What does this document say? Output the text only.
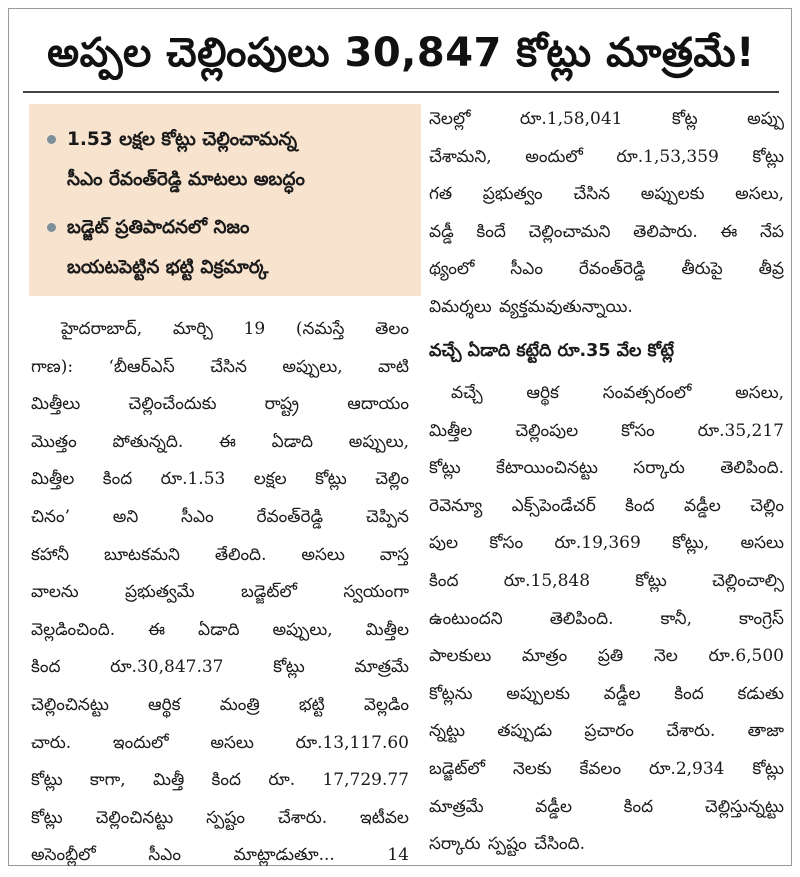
అప్పల చెల్లింపులు 30,847 కోట్లు మాత్రమే!

1.53 లక్షల కోట్లు చెల్లించామన్న

సీఎం రేవంత్‌రెడ్డి మాటలు అబద్ధం

బడ్జెట్ ప్రతిపాదనలో నిజం

బయటపెట్టిన భట్టి విక్రమార్క

హైదరాబాద్, మార్చి 19 (నమస్తే తెలం

గాణ): ‘బీఆర్‌ఎస్ చేసిన అప్పులు, వాటి

మిత్తీలు చెల్లించేందుకు రాష్ట్ర ఆదాయం

మొత్తం పోతున్నది. ఈ ఏడాది అప్పులు,

మిత్తీల కింద రూ.1.53 లక్షల కోట్లు చెల్లిం

చినం’ అని సీఎం రేవంత్‌రెడ్డి చెప్పిన

కహానీ బూటకమని తేలింది. అసలు వాస్త

వాలను ప్రభుత్వమే బడ్జెట్‌లో స్వయంగా

వెల్లడించింది. ఈ ఏడాది అప్పులు, మిత్తీల

కింద రూ.30,847.37 కోట్లు మాత్రమే

చెల్లించినట్టు ఆర్థిక మంత్రి భట్టి వెల్లడిం

చారు. ఇందులో అసలు రూ.13,117.60

కోట్లు కాగా, మిత్తీ కింద రూ. 17,729.77

కోట్లు చెల్లించినట్టు స్పష్టం చేశారు. ఇటీవల

అసెంబ్లీలో సీఎం మాట్లాడుతూ... 14

నెలల్లో రూ.1,58,041 కోట్ల అప్పు

చేశామని, అందులో రూ.1,53,359 కోట్లు

గత ప్రభుత్వం చేసిన అప్పులకు అసలు,

వడ్డీ కిందే చెల్లించామని తెలిపారు. ఈ నేప

థ్యంలో సీఎం రేవంత్‌రెడ్డి తీరుపై తీవ్ర

విమర్శలు వ్యక్తమవుతున్నాయి.

వచ్చే ఏడాది కట్టేది రూ.35 వేల కోట్లే

వచ్చే ఆర్థిక సంవత్సరంలో అసలు,

మిత్తీల చెల్లింపుల కోసం రూ.35,217

కోట్లు కేటాయించినట్టు సర్కారు తెలిపింది.

రెవెన్యూ ఎక్స్‌పెండేచర్ కింద వడ్డీల చెల్లిం

పుల కోసం రూ.19,369 కోట్లు, అసలు

కింద రూ.15,848 కోట్లు చెల్లించాల్సి

ఉంటుందని తెలిపింది. కానీ, కాంగ్రెస్

పాలకులు మాత్రం ప్రతి నెల రూ.6,500

కోట్లను అప్పులకు వడ్డీల కింద కడుతు

న్నట్టు తప్పుడు ప్రచారం చేశారు. తాజా

బడ్జెట్‌లో నెలకు కేవలం రూ.2,934 కోట్లు

మాత్రమే వడ్డీల కింద చెల్లిస్తున్నట్టు

సర్కారు స్పష్టం చేసింది.
